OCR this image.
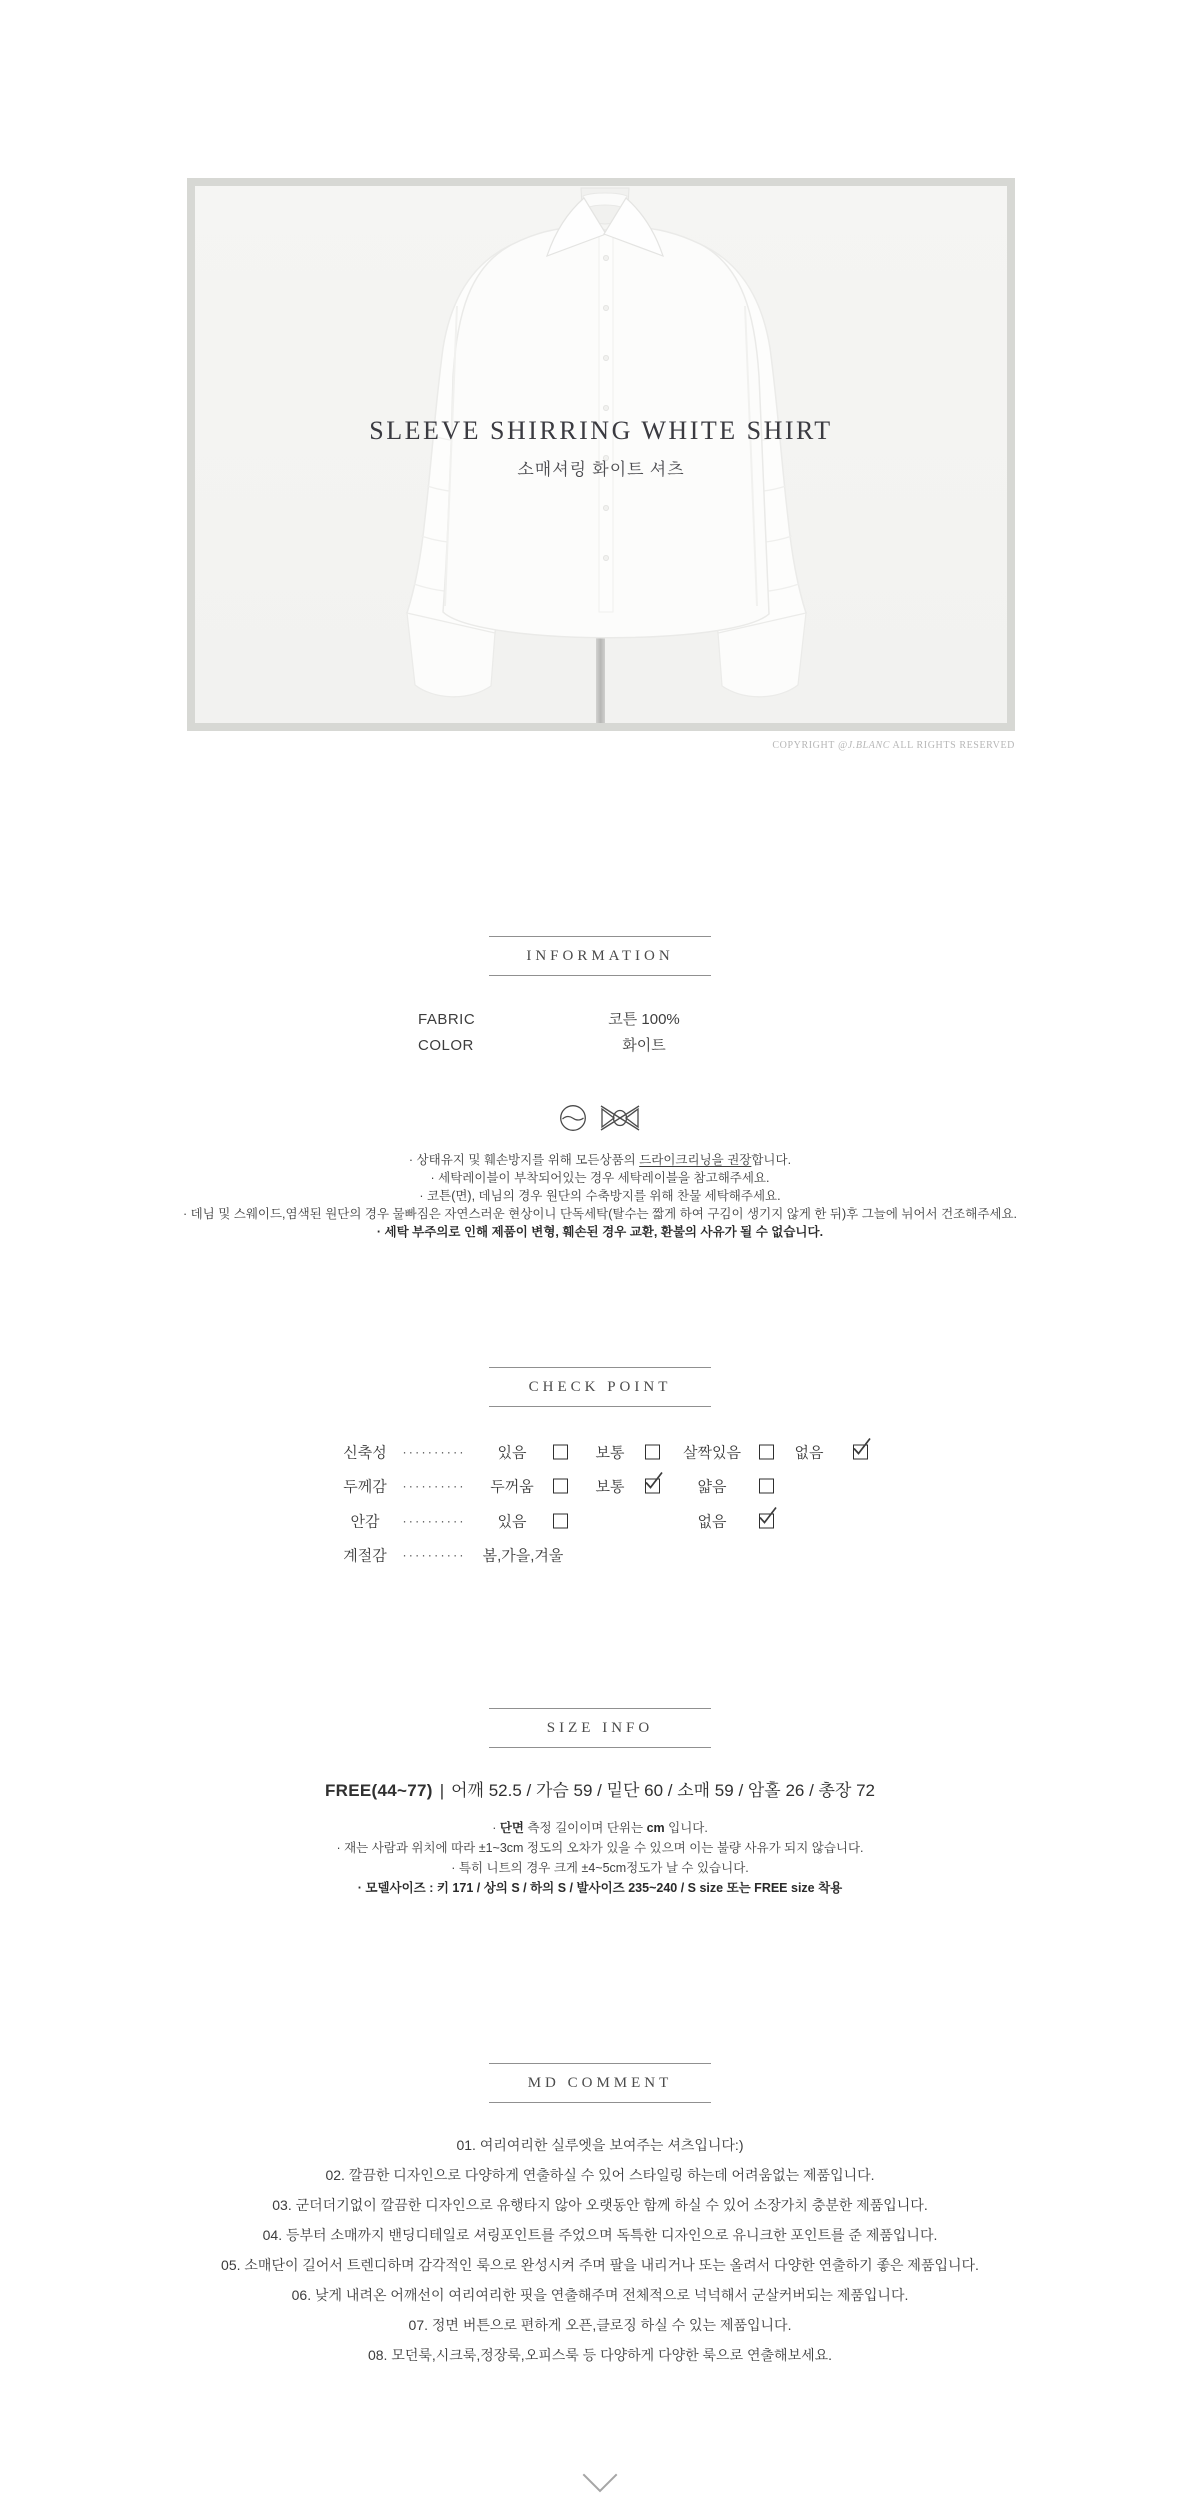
SLEEVE SHIRRING WHITE SHIRT
소매셔링 화이트 셔츠
COPYRIGHT @J.BLANC ALL RIGHTS RESERVED
INFORMATION
FABRIC	코튼 100%
COLOR	화이트
· 상태유지 및 훼손방지를 위해 모든상품의 드라이크리닝을 권장합니다.
· 세탁레이블이 부착되어있는 경우 세탁레이블을 참고해주세요.
· 코튼(면), 데님의 경우 원단의 수축방지를 위해 찬물 세탁해주세요.
· 데님 및 스웨이드,염색된 원단의 경우 물빠짐은 자연스러운 현상이니 단독세탁(탈수는 짧게 하여 구김이 생기지 않게 한 뒤)후 그늘에 뉘어서 건조해주세요.
· 세탁 부주의로 인해 제품이 변형, 훼손된 경우 교환, 환불의 사유가 될 수 없습니다.
CHECK POINT
신축성	··········	있음	보통	살짝있음	없음
두께감	··········	두꺼움	보통	얇음
안감	··········	있음	없음
계절감	··········	봄,가을,겨울
SIZE INFO
FREE(44~77) | 어깨 52.5 / 가슴 59 / 밑단 60 / 소매 59 / 암홀 26 / 총장 72
· 단면 측정 길이이며 단위는 cm 입니다.
· 재는 사람과 위치에 따라 ±1~3cm 정도의 오차가 있을 수 있으며 이는 불량 사유가 되지 않습니다.
· 특히 니트의 경우 크게 ±4~5cm정도가 날 수 있습니다.
· 모델사이즈 : 키 171 / 상의 S / 하의 S / 발사이즈 235~240 / S size 또는 FREE size 착용
MD COMMENT
01. 여리여리한 실루엣을 보여주는 셔츠입니다:)
02. 깔끔한 디자인으로 다양하게 연출하실 수 있어 스타일링 하는데 어려움없는 제품입니다.
03. 군더더기없이 깔끔한 디자인으로 유행타지 않아 오랫동안 함께 하실 수 있어 소장가치 충분한 제품입니다.
04. 등부터 소매까지 밴딩디테일로 셔링포인트를 주었으며 독특한 디자인으로 유니크한 포인트를 준 제품입니다.
05. 소매단이 길어서 트렌디하며 감각적인 룩으로 완성시켜 주며 팔을 내리거나 또는 올려서 다양한 연출하기 좋은 제품입니다.
06. 낮게 내려온 어깨선이 여리여리한 핏을 연출해주며 전체적으로 넉넉해서 군살커버되는 제품입니다.
07. 정면 버튼으로 편하게 오픈,클로징 하실 수 있는 제품입니다.
08. 모던룩,시크룩,정장룩,오피스룩 등 다양하게 다양한 룩으로 연출해보세요.
